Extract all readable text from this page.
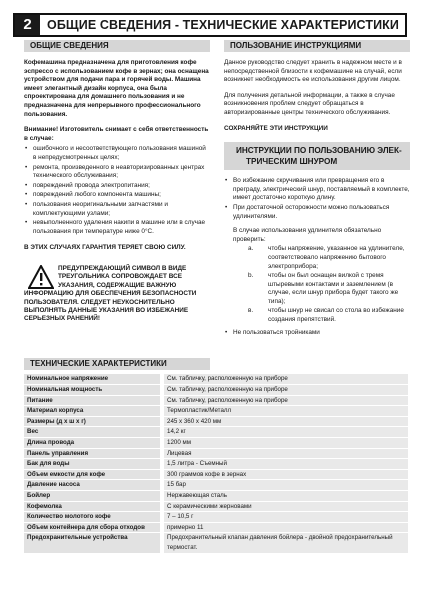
2	ОБЩИЕ СВЕДЕНИЯ - ТЕХНИЧЕСКИЕ ХАРАКТЕРИСТИКИ
ОБЩИЕ СВЕДЕНИЯ

Кофемашина предназначена для приготовления кофе эспрессо с использованием кофе в зернах; она оснащена устройством для подачи пара и горячей воды. Машина имеет элегантный дизайн корпуса, она была спроектирована для домашнего пользования и не предназначена для непрерывного профессионального пользования.

Внимание! Изготовитель снимает с себя ответственность в случае:

• ошибочного и несоответствующего пользования машиной в непредусмотренных целях;
• ремонта, произведенного в неавторизированных центрах технического обслуживания;
• повреждений провода электропитания;
• повреждений любого компонента машины;
• пользования неоригинальными запчастями и комплектующими узлами;
• невыполненного удаления накипи в машине или в случае пользования при температуре ниже 0°C.

В ЭТИХ СЛУЧАЯХ ГАРАНТИЯ ТЕРЯЕТ СВОЮ СИЛУ.

ПРЕДУПРЕЖДАЮЩИЙ СИМВОЛ В ВИДЕ ТРЕУГОЛЬНИКА СОПРОВОЖДАЕТ ВСЕ УКАЗАНИЯ, СОДЕРЖАЩИЕ ВАЖНУЮ ИНФОРМАЦИЮ ДЛЯ ОБЕСПЕЧЕНИЯ БЕЗОПАСНОСТИ ПОЛЬЗОВАТЕЛЯ. СЛЕДУЕТ НЕУКОСНИТЕЛЬНО ВЫПОЛНЯТЬ ДАННЫЕ УКАЗАНИЯ ВО ИЗБЕЖАНИЕ СЕРЬЕЗНЫХ РАНЕНИЙ!
ПОЛЬЗОВАНИЕ ИНСТРУКЦИЯМИ

Данное руководство следует хранить в надежном месте и в непосредственной близости к кофемашине на случай, если возникнет необходимость ее использования другим лицом.

Для получения детальной информации, а также в случае возникновения проблем следует обращаться в авторизированные центры технического обслуживания.

СОХРАНЯЙТЕ ЭТИ ИНСТРУКЦИИ

ИНСТРУКЦИИ ПО ПОЛЬЗОВАНИЮ ЭЛЕК-
ТРИЧЕСКИМ ШНУРОМ
• Во избежание скручивания или превращения его в преграду, электрический шнур, поставляемый в комплекте, имеет достаточно короткую длину.
• При достаточной осторожности можно пользоваться удлинителями.

В случае использования удлинителя обязательно проверить:

a. чтобы напряжение, указанное на удлинителе, соответствовало напряжению бытового электроприбора;
b. чтобы он был оснащен вилкой с тремя штыревыми контактами и заземлением (в случае, если шнур прибора будет такого же типа);
в. чтобы шнур не свисал со стола во избежание создания препятствий.
• Не пользоваться тройниками
ТЕХНИЧЕСКИЕ ХАРАКТЕРИСТИКИ
Номинальное напряжение		См. табличку, расположенную на приборе
Номинальная мощность		См. табличку, расположенную на приборе
Питание		См. табличку, расположенную на приборе
Материал корпуса		Термопластик/Металл
Размеры (д х ш х г)		245 х 360 х 420 мм
Вес		14,2 кг
Длина провода		1200 мм
Панель управления		Лицевая
Бак для воды		1,5 литра - Съемный
Объем емкости для кофе		300 граммов кофе в зернах
Давление насоса		15 бар
Бойлер		Нержавеющая сталь
Кофемолка		С керамическими жерновами
Количество молотого кофе		7 – 10,5 г
Объем контейнера для сбора отходов		примерно 11
Предохранительные устройства		Предохранительный клапан давления бойлера - двойной предохранительный термостат.
